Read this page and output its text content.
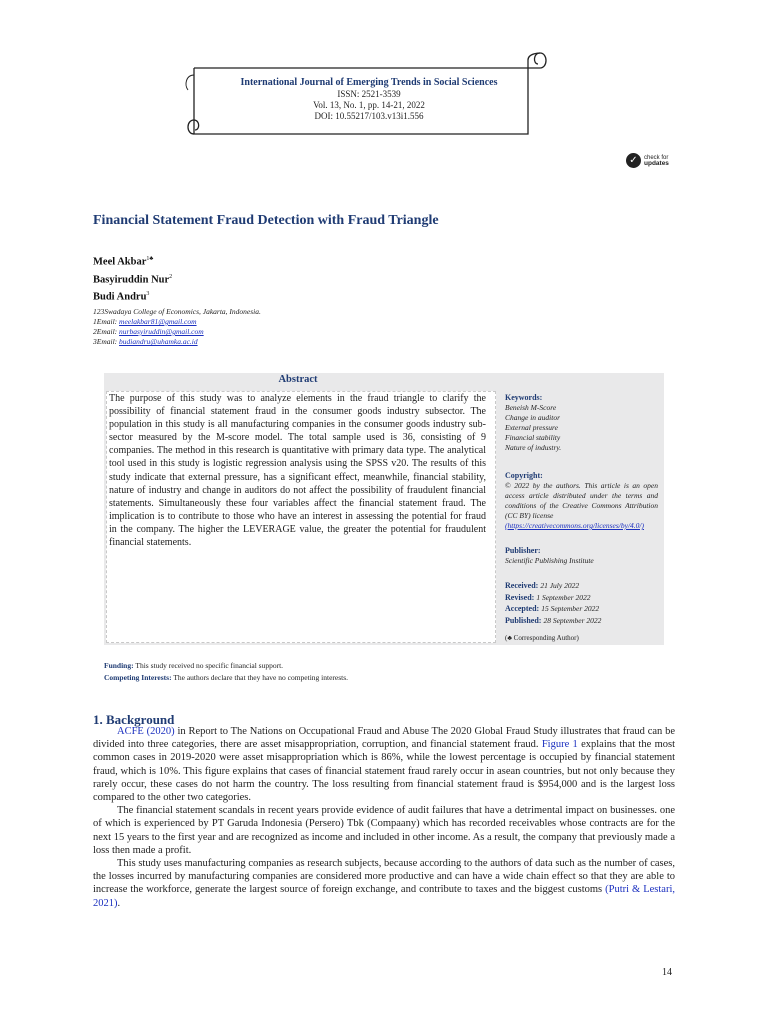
International Journal of Emerging Trends in Social Sciences
ISSN: 2521-3539
Vol. 13, No. 1, pp. 14-21, 2022
DOI: 10.55217/103.v13i1.556
✓	check for
updates
Financial Statement Fraud Detection with Fraud Triangle
Meel Akbar$^{1♣}$
Basyiruddin Nur$^2$
Budi Andru$^3$
123Swadaya College of Economics, Jakarta, Indonesia.
1Email: meelakbar81@gmail.com
2Email: nurbasyiruddin@gmail.com
3Email: budiandru@uhamka.ac.id
Abstract
The purpose of this study was to analyze elements in the fraud triangle to clarify the possibility of financial statement fraud in the consumer goods industry subsector. The population in this study is all manufacturing companies in the consumer goods industry sub-sector measured by the M-score model. The total sample used is 36, consisting of 9 companies. The method in this research is quantitative with primary data type. The analytical tool used in this study is logistic regression analysis using the SPSS v20. The results of this study indicate that external pressure, has a significant effect, meanwhile, financial stability, nature of industry and change in auditors do not affect the possibility of fraudulent financial statements. Simultaneously these four variables affect the financial statement fraud. The implication is to contribute to those who have an interest in assessing the potential for fraud in the company. The higher the LEVERAGE value, the greater the potential for fraudulent financial statements.
Keywords:
Beneish M-Score
Change in auditor
External pressure
Financial stability
Nature of industry.
Copyright:
© 2022 by the authors. This article is an open access article distributed under the terms and conditions of the Creative Commons Attribution (CC BY) license
(https://creativecommons.org/licenses/by/4.0/)
Publisher:
Scientific Publishing Institute
Received: 21 July 2022
Revised: 1 September 2022
Accepted: 15 September 2022
Published: 28 September 2022
(♣ Corresponding Author)
Funding: This study received no specific financial support.
Competing Interests: The authors declare that they have no competing interests.
1. Background

ACFE (2020) in Report to The Nations on Occupational Fraud and Abuse The 2020 Global Fraud Study illustrates that fraud can be divided into three categories, there are asset misappropriation, corruption, and financial statement fraud. Figure 1 explains that the most common cases in 2019-2020 were asset misappropriation which is 86%, while the lowest percentage is occupied by financial statement fraud, which is 10%. This figure explains that cases of financial statement fraud rarely occur in asean countries, but not only because they rarely occur, these cases do not harm the country. The loss resulting from financial statement fraud is $954,000 and is the largest loss compared to the other two categories.

The financial statement scandals in recent years provide evidence of audit failures that have a detrimental impact on businesses. one of which is experienced by PT Garuda Indonesia (Persero) Tbk (Compaany) which has recorded receivables whose contracts are for the next 15 years to the first year and are recognized as income and included in other income. As a result, the company that previously made a loss then made a profit.

This study uses manufacturing companies as research subjects, because according to the authors of data such as the number of cases, the losses incurred by manufacturing companies are considered more productive and can have a wide chain effect so that they are able to increase the workforce, generate the largest source of foreign exchange, and contribute to taxes and the biggest customs (Putri & Lestari, 2021).

14
